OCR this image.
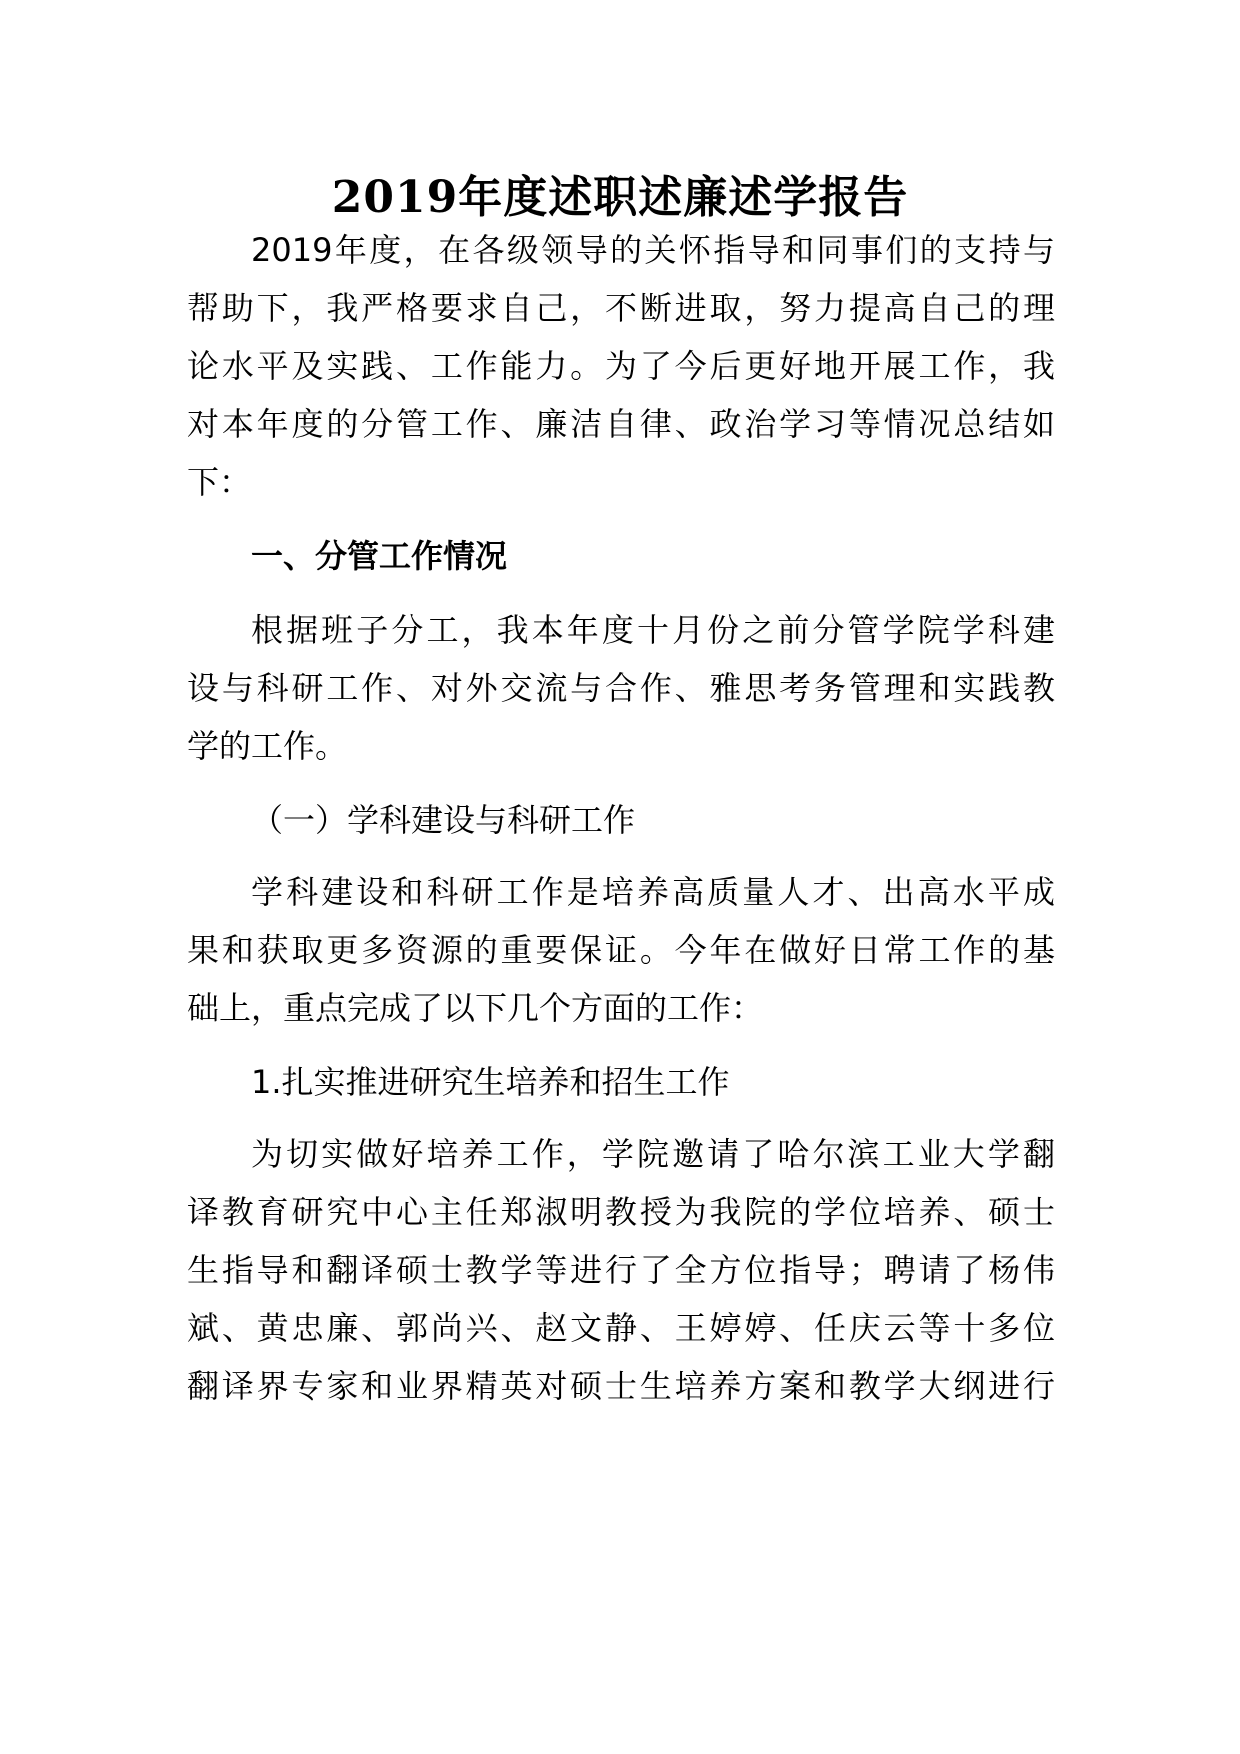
2019年度述职述廉述学报告
2019年度，在各级领导的关怀指导和同事们的支持与
帮助下，我严格要求自己，不断进取，努力提高自己的理
论水平及实践、工作能力。为了今后更好地开展工作，我
对本年度的分管工作、廉洁自律、政治学习等情况总结如
下：
一、分管工作情况
根据班子分工，我本年度十月份之前分管学院学科建
设与科研工作、对外交流与合作、雅思考务管理和实践教
学的工作。
（一）学科建设与科研工作
学科建设和科研工作是培养高质量人才、出高水平成
果和获取更多资源的重要保证。今年在做好日常工作的基
础上，重点完成了以下几个方面的工作：
1.扎实推进研究生培养和招生工作
为切实做好培养工作，学院邀请了哈尔滨工业大学翻
译教育研究中心主任郑淑明教授为我院的学位培养、硕士
生指导和翻译硕士教学等进行了全方位指导；聘请了杨伟
斌、黄忠廉、郭尚兴、赵文静、王婷婷、任庆云等十多位
翻译界专家和业界精英对硕士生培养方案和教学大纲进行
